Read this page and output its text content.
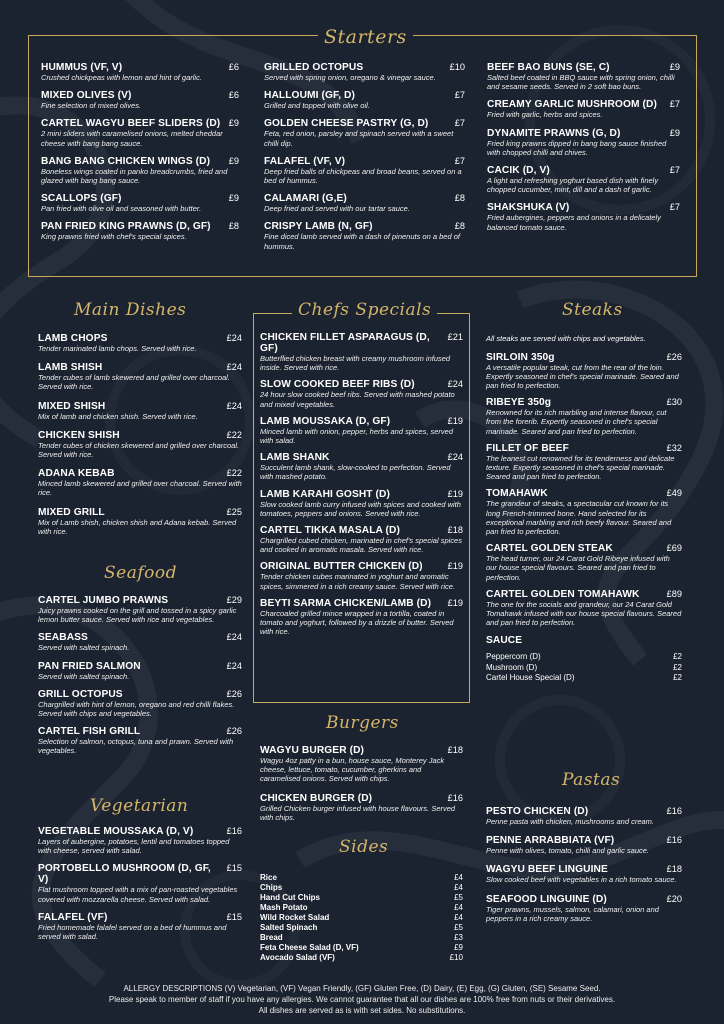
Starters
HUMMUS (VF, V)	£6
Crushed chickpeas with lemon and hint of garlic.
MIXED OLIVES (V)	£6
Fine selection of mixed olives.
CARTEL WAGYU BEEF SLIDERS (D) £9
2 mini sliders with caramelised onions, melted cheddar cheese with bang bang sauce.
BANG BANG CHICKEN WINGS (D)	£9
Boneless wings coated in panko breadcrumbs, fried and glazed with bang bang sauce.
SCALLOPS (GF)	£9
Pan fried with olive oil and seasoned with butter.
PAN FRIED KING PRAWNS (D, GF)	£8
King prawns fried with chef's special spices.
GRILLED OCTOPUS	£10
Served with spring onion, oregano & vinegar sauce.
HALLOUMI (GF, D)	£7
Grilled and topped with olive oil.
GOLDEN CHEESE PASTRY (G, D)	£7
Feta, red onion, parsley and spinach served with a sweet chilli dip.
FALAFEL (VF, V)	£7
Deep fried balls of chickpeas and broad beans, served on a bed of hummus.
CALAMARI (G,E)	£8
Deep fried and served with our tartar sauce.
CRISPY LAMB (N, GF)	£8
Fine diced lamb served with a dash of pinenuts on a bed of hummus.
BEEF BAO BUNS (SE, C)	£9
Salted beef coated in BBQ sauce with spring onion, chilli and sesame seeds. Served in 2 soft bao buns.
CREAMY GARLIC MUSHROOM (D)	£7
Fried with garlic, herbs and spices.
DYNAMITE PRAWNS (G, D)	£9
Fried king prawns dipped in bang bang sauce finished with chopped chilli and chives.
CACIK (D, V)	£7
A light and refreshing yoghurt based dish with finely chopped cucumber, mint, dill and a dash of garlic.
SHAKSHUKA (V)	£7
Fried aubergines, peppers and onions in a delicately balanced tomato sauce.
Main Dishes
LAMB CHOPS	£24
Tender marinated lamb chops. Served with rice.
LAMB SHISH	£24
Tender cubes of lamb skewered and grilled over charcoal. Served with rice.
MIXED SHISH	£24
Mix of lamb and chicken shish. Served with rice.
CHICKEN SHISH	£22
Tender cubes of chicken skewered and grilled over charcoal. Served with rice.
ADANA KEBAB	£22
Minced lamb skewered and grilled over charcoal. Served with rice.
MIXED GRILL	£25
Mix of Lamb shish, chicken shish and Adana kebab. Served with rice.
Seafood
CARTEL JUMBO PRAWNS	£29
Juicy prawns cooked on the grill and tossed in a spicy garlic lemon butter sauce. Served with rice and vegetables.
SEABASS	£24
Served with salted spinach.
PAN FRIED SALMON	£24
Served with salted spinach.
GRILL OCTOPUS	£26
Chargrilled with hint of lemon, oregano and red chilli flakes. Served with chips and vegetables.
CARTEL FISH GRILL	£26
Selection of salmon, octopus, tuna and prawn. Served with vegetables.
Vegetarian
VEGETABLE MOUSSAKA (D, V)	£16
Layers of aubergine, potatoes, lentil and tomatoes topped with cheese, served with salad.
PORTOBELLO MUSHROOM (D, GF, V)
£15
Flat mushroom topped with a mix of pan-roasted vegetables covered with mozzarella cheese. Served with salad.
FALAFEL (VF)	£15
Fried homemade falafel served on a bed of hummus and served with salad.
Chefs Specials
CHICKEN FILLET ASPARAGUS (D, GF)
£21
Butterflied chicken breast with creamy mushroom infused inside. Served with rice.
SLOW COOKED BEEF RIBS (D)	£24
24 hour slow cooked beef ribs. Served with mashed potato and mixed vegetables.
LAMB MOUSSAKA (D, GF)	£19
Minced lamb with onion, pepper, herbs and spices, served with salad.
LAMB SHANK	£24
Succulent lamb shank, slow-cooked to perfection. Served with mashed potato.
LAMB KARAHI GOSHT (D)	£19
Slow cooked lamb curry infused with spices and cooked with tomatoes, peppers and onions. Served with rice.
CARTEL TIKKA MASALA (D)	£18
Chargrilled cubed chicken, marinated in chef's special spices and cooked in aromatic masala. Served with rice.
ORIGINAL BUTTER CHICKEN (D)	£19
Tender chicken cubes marinated in yoghurt and aromatic spices, simmered in a rich creamy sauce. Served with rice.
BEYTI SARMA CHICKEN/LAMB (D)	£19
Charcoaled grilled mince wrapped in a tortilla, coated in tomato and yoghurt, followed by a drizzle of butter. Served with rice.
Burgers
WAGYU BURGER (D)	£18
Wagyu 4oz patty in a bun, house sauce, Monterey Jack cheese, lettuce, tomato, cucumber, gherkins and caramelised onions. Served with chips.
CHICKEN BURGER (D)	£16
Grilled Chicken burger infused with house flavours. Served with chips.
Sides
Rice	£4
Chips	£4
Hand Cut Chips	£5
Mash Potato	£4
Wild Rocket Salad	£4
Salted Spinach	£5
Bread	£3
Feta Cheese Salad (D, VF)	£9
Avocado Salad (VF)	£10
Steaks
All steaks are served with chips and vegetables.
SIRLOIN 350g	£26
A versatile popular steak, cut from the rear of the loin. Expertly seasoned in chef's special marinade. Seared and pan fried to perfection.
RIBEYE 350g	£30
Renowned for its rich marbling and intense flavour, cut from the forerib. Expertly seasoned in chef's special marinade. Seared and pan fried to perfection.
FILLET OF BEEF	£32
The leanest cut renowned for its tenderness and delicate texture. Expertly seasoned in chef's special marinade. Seared and pan fried to perfection.
TOMAHAWK	£49
The grandeur of steaks, a spectacular cut known for its long French-trimmed bone. Hand selected for its exceptional marbling and rich beefy flavour. Seared and pan fried to perfection.
CARTEL GOLDEN STEAK	£69
The head turner, our 24 Carat Gold Ribeye infused with our house special flavours. Seared and pan fried to perfection.
CARTEL GOLDEN TOMAHAWK	£89
The one for the socials and grandeur, our 24 Carat Gold Tomahawk infused with our house special flavours. Seared and pan fried to perfection.
SAUCE
Peppercorn (D)	£2
Mushroom (D)	£2
Cartel House Special (D)	£2
Pastas
PESTO CHICKEN (D)	£16
Penne pasta with chicken, mushrooms and cream.
PENNE ARRABBIATA (VF)	£16
Penne with olives, tomato, chilli and garlic sauce.
WAGYU BEEF LINGUINE	£18
Slow cooked beef with vegetables in a rich tomato sauce.
SEAFOOD LINGUINE (D)	£20
Tiger prawns, mussels, salmon, calamari, onion and peppers in a rich creamy sauce.
ALLERGY DESCRIPTIONS (V) Vegetarian, (VF) Vegan Friendly, (GF) Gluten Free, (D) Dairy, (E) Egg, (G) Gluten, (SE) Sesame Seed.
Please speak to member of staff if you have any allergies. We cannot guarantee that all our dishes are 100% free from nuts or their derivatives.
All dishes are served as is with set sides. No substitutions.
